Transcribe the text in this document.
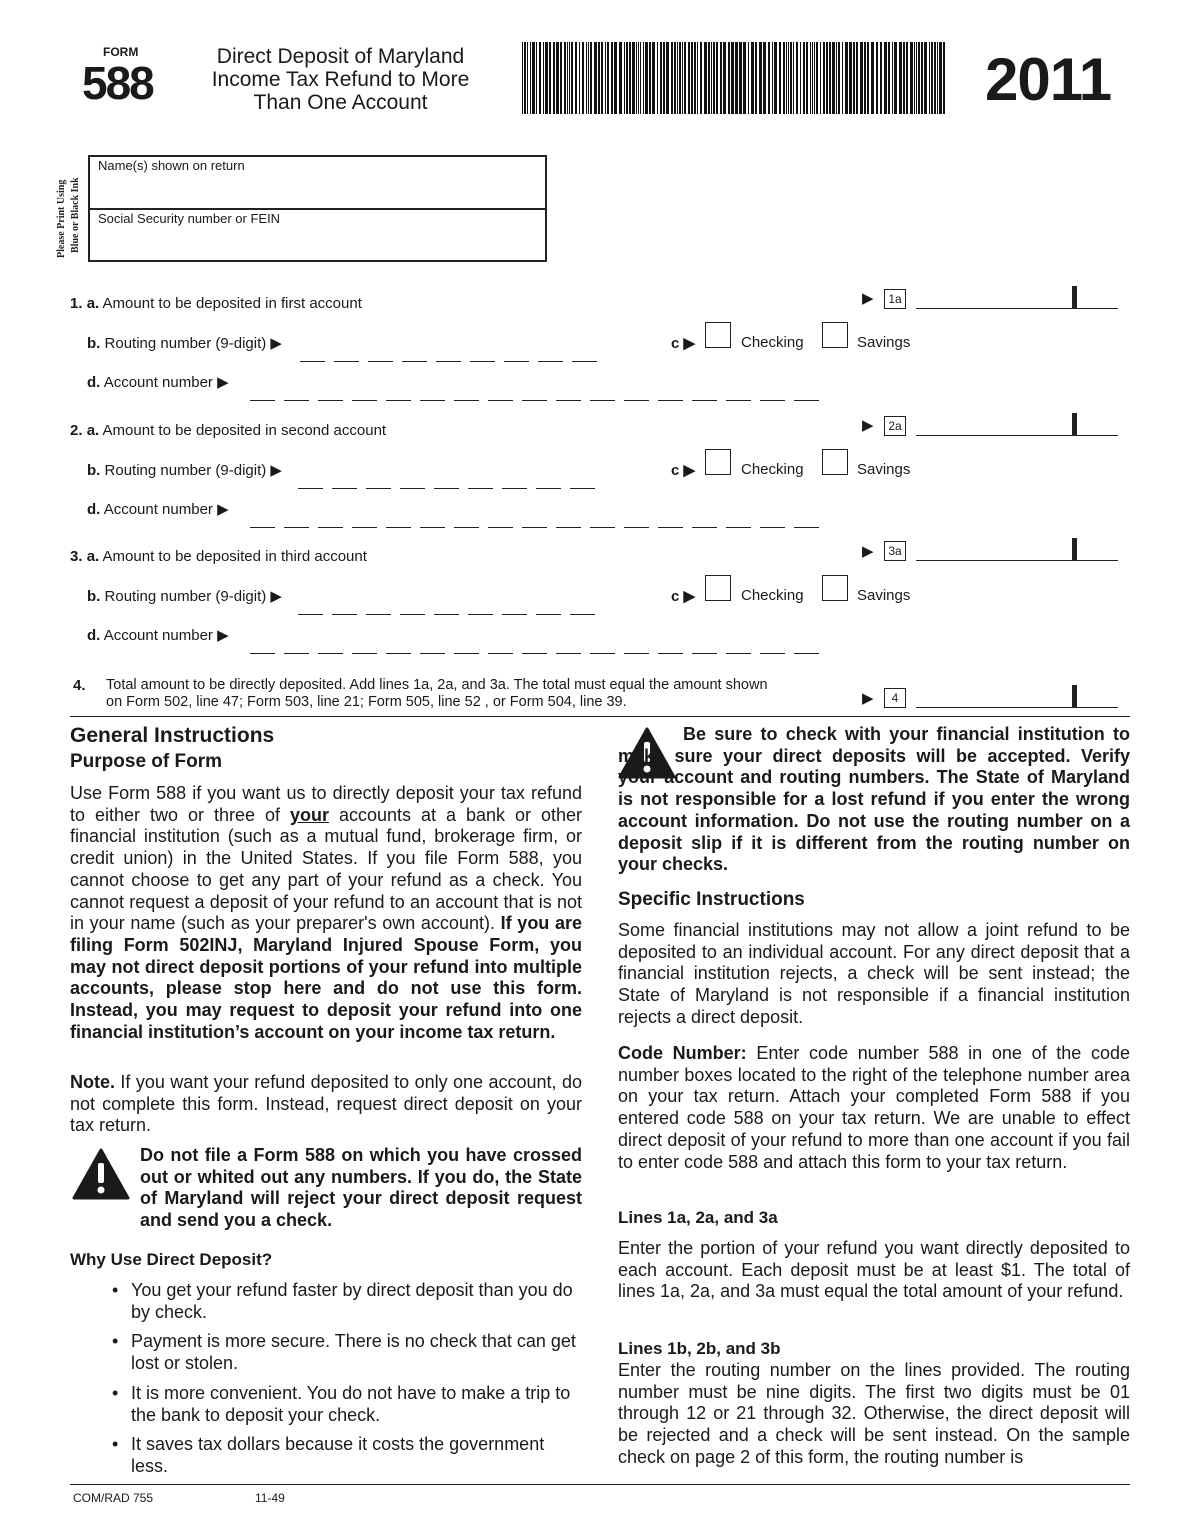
FORM
588
Direct Deposit of Maryland
Income Tax Refund to More
Than One Account	2011
Please Print Using Blue or Black Ink
Name(s) shown on return
Social Security number or FEIN
1. a. Amount to be deposited in first account	▶	1a
b. Routing number (9-digit) ▶	c ▶	Checking	Savings
d. Account number ▶
2. a. Amount to be deposited in second account	▶	2a
b. Routing number (9-digit) ▶	c ▶	Checking	Savings
d. Account number ▶
3. a. Amount to be deposited in third account	▶	3a
b. Routing number (9-digit) ▶	c ▶	Checking	Savings
d. Account number ▶
4. Total amount to be directly deposited. Add lines 1a, 2a, and 3a. The total must equal the amount shown
on Form 502, line 47; Form 503, line 21; Form 505, line 52 , or Form 504, line 39.	▶	4
General Instructions
Purpose of Form
Use Form 588 if you want us to directly deposit your tax refund to either two or three of your accounts at a bank or other financial institution (such as a mutual fund, brokerage firm, or credit union) in the United States. If you file Form 588, you cannot choose to get any part of your refund as a check. You cannot request a deposit of your refund to an account that is not in your name (such as your preparer's own account). If you are filing Form 502INJ, Maryland Injured Spouse Form, you may not direct deposit portions of your refund into multiple accounts, please stop here and do not use this form. Instead, you may request to deposit your refund into one financial institution’s account on your income tax return.
Note. If you want your refund deposited to only one account, do not complete this form. Instead, request direct deposit on your tax return.
Do not file a Form 588 on which you have crossed out or whited out any numbers. If you do, the State of Maryland will reject your direct deposit request and send you a check.
Why Use Direct Deposit?
• You get your refund faster by direct deposit than you do by check.
• Payment is more secure. There is no check that can get lost or stolen.
• It is more convenient. You do not have to make a trip to the bank to deposit your check.
• It saves tax dollars because it costs the government less.
Be sure to check with your financial institution to make sure your direct deposits will be accepted. Verify your account and routing numbers. The State of Maryland is not responsible for a lost refund if you enter the wrong account information. Do not use the routing number on a deposit slip if it is different from the routing number on your checks.
Specific Instructions
Some financial institutions may not allow a joint refund to be deposited to an individual account. For any direct deposit that a financial institution rejects, a check will be sent instead; the State of Maryland is not responsible if a financial institution rejects a direct deposit.
Code Number: Enter code number 588 in one of the code number boxes located to the right of the telephone number area on your tax return. Attach your completed Form 588 if you entered code 588 on your tax return. We are unable to effect direct deposit of your refund to more than one account if you fail to enter code 588 and attach this form to your tax return.
Lines 1a, 2a, and 3a
Enter the portion of your refund you want directly deposited to each account. Each deposit must be at least $1. The total of lines 1a, 2a, and 3a must equal the total amount of your refund.
Lines 1b, 2b, and 3b
Enter the routing number on the lines provided. The routing number must be nine digits. The first two digits must be 01 through 12 or 21 through 32. Otherwise, the direct deposit will be rejected and a check will be sent instead. On the sample check on page 2 of this form, the routing number is
COM/RAD 755	11-49
